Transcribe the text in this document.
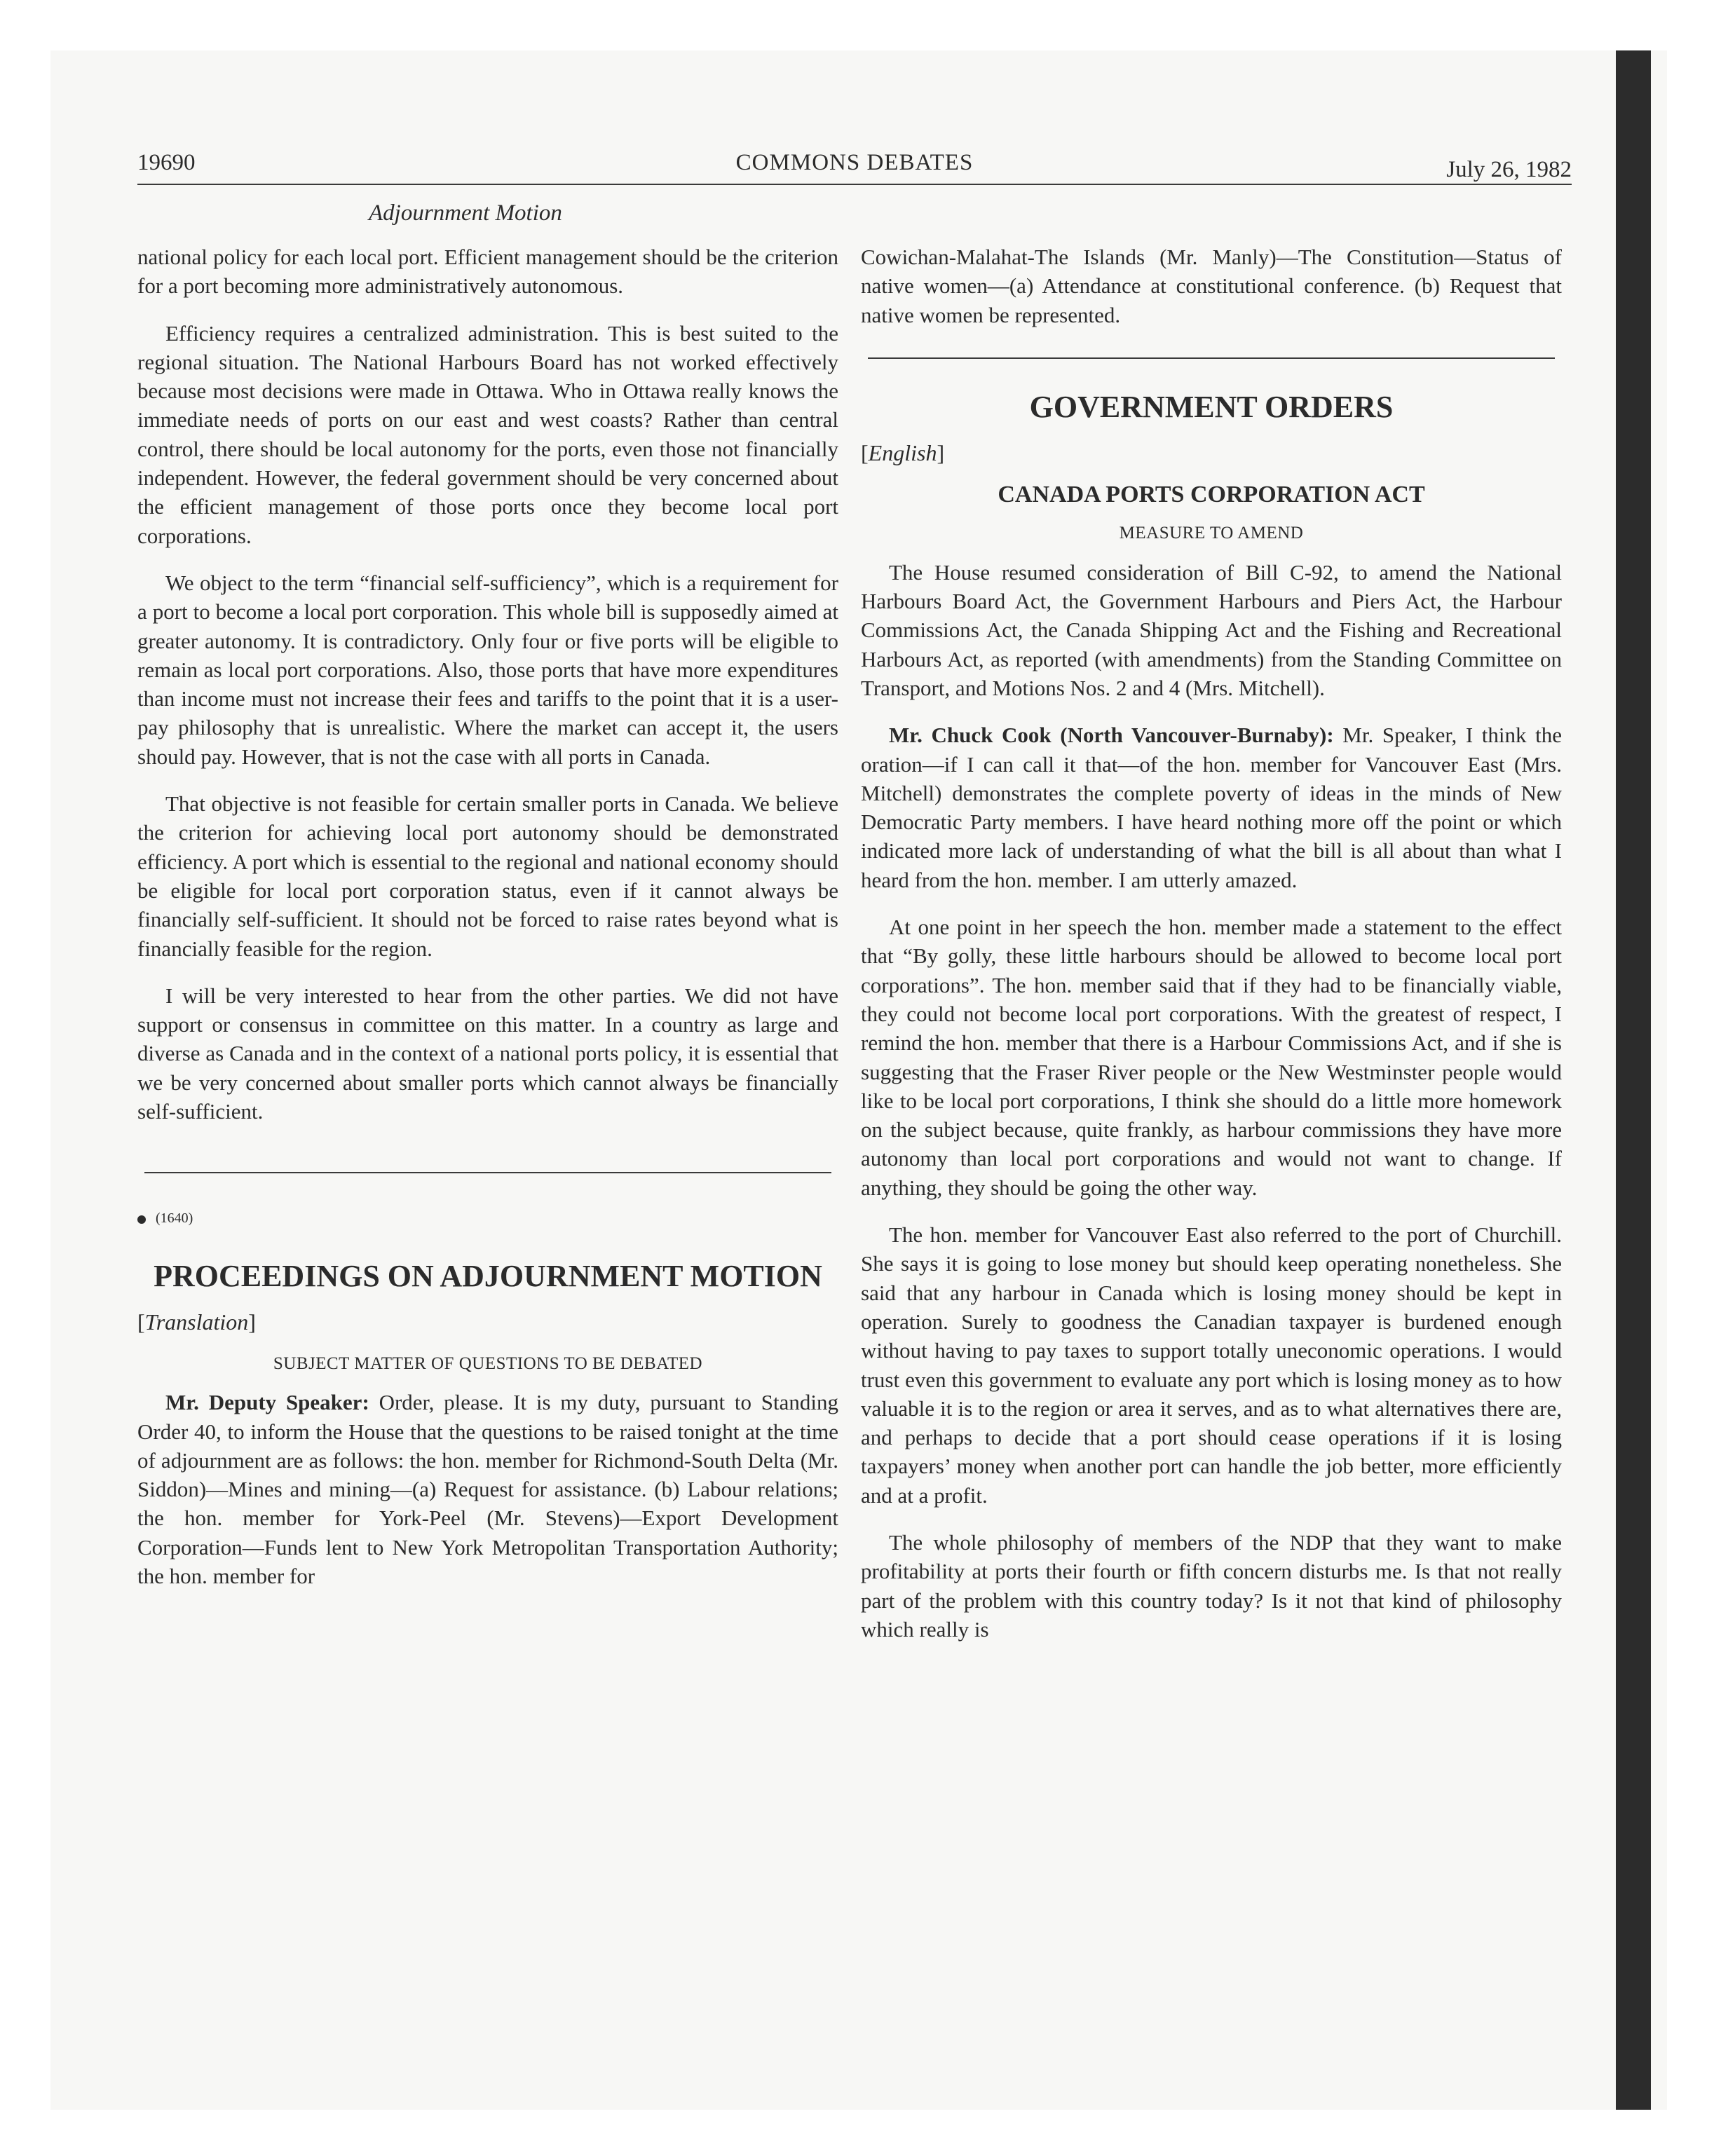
19690	COMMONS DEBATES	July 26, 1982
Adjournment Motion

national policy for each local port. Efficient management should be the criterion for a port becoming more administratively autonomous.

Efficiency requires a centralized administration. This is best suited to the regional situation. The National Harbours Board has not worked effectively because most decisions were made in Ottawa. Who in Ottawa really knows the immediate needs of ports on our east and west coasts? Rather than central control, there should be local autonomy for the ports, even those not financially independent. However, the federal government should be very concerned about the efficient management of those ports once they become local port corporations.

We object to the term “financial self-sufficiency”, which is a requirement for a port to become a local port corporation. This whole bill is supposedly aimed at greater autonomy. It is contradictory. Only four or five ports will be eligible to remain as local port corporations. Also, those ports that have more expenditures than income must not increase their fees and tariffs to the point that it is a user-pay philosophy that is unrealistic. Where the market can accept it, the users should pay. However, that is not the case with all ports in Canada.

That objective is not feasible for certain smaller ports in Canada. We believe the criterion for achieving local port autonomy should be demonstrated efficiency. A port which is essential to the regional and national economy should be eligible for local port corporation status, even if it cannot always be financially self-sufficient. It should not be forced to raise rates beyond what is financially feasible for the region.

I will be very interested to hear from the other parties. We did not have support or consensus in committee on this matter. In a country as large and diverse as Canada and in the context of a national ports policy, it is essential that we be very concerned about smaller ports which cannot always be financially self-sufficient.

(1640)
PROCEEDINGS ON ADJOURNMENT MOTION
[Translation]
SUBJECT MATTER OF QUESTIONS TO BE DEBATED

Mr. Deputy Speaker: Order, please. It is my duty, pursuant to Standing Order 40, to inform the House that the questions to be raised tonight at the time of adjournment are as follows: the hon. member for Richmond-South Delta (Mr. Siddon)—Mines and mining—(a) Request for assistance. (b) Labour relations; the hon. member for York-Peel (Mr. Stevens)—Export Development Corporation—Funds lent to New York Metropolitan Transportation Authority; the hon. member for

Cowichan-Malahat-The Islands (Mr. Manly)—The Constitution—Status of native women—(a) Attendance at constitutional conference. (b) Request that native women be represented.

GOVERNMENT ORDERS
[English]
CANADA PORTS CORPORATION ACT
MEASURE TO AMEND

The House resumed consideration of Bill C-92, to amend the National Harbours Board Act, the Government Harbours and Piers Act, the Harbour Commissions Act, the Canada Shipping Act and the Fishing and Recreational Harbours Act, as reported (with amendments) from the Standing Committee on Transport, and Motions Nos. 2 and 4 (Mrs. Mitchell).

Mr. Chuck Cook (North Vancouver-Burnaby): Mr. Speaker, I think the oration—if I can call it that—of the hon. member for Vancouver East (Mrs. Mitchell) demonstrates the complete poverty of ideas in the minds of New Democratic Party members. I have heard nothing more off the point or which indicated more lack of understanding of what the bill is all about than what I heard from the hon. member. I am utterly amazed.

At one point in her speech the hon. member made a statement to the effect that “By golly, these little harbours should be allowed to become local port corporations”. The hon. member said that if they had to be financially viable, they could not become local port corporations. With the greatest of respect, I remind the hon. member that there is a Harbour Commissions Act, and if she is suggesting that the Fraser River people or the New Westminster people would like to be local port corporations, I think she should do a little more homework on the subject because, quite frankly, as harbour commissions they have more autonomy than local port corporations and would not want to change. If anything, they should be going the other way.

The hon. member for Vancouver East also referred to the port of Churchill. She says it is going to lose money but should keep operating nonetheless. She said that any harbour in Canada which is losing money should be kept in operation. Surely to goodness the Canadian taxpayer is burdened enough without having to pay taxes to support totally uneconomic operations. I would trust even this government to evaluate any port which is losing money as to how valuable it is to the region or area it serves, and as to what alternatives there are, and perhaps to decide that a port should cease operations if it is losing taxpayers’ money when another port can handle the job better, more efficiently and at a profit.

The whole philosophy of members of the NDP that they want to make profitability at ports their fourth or fifth concern disturbs me. Is that not really part of the problem with this country today? Is it not that kind of philosophy which really is
